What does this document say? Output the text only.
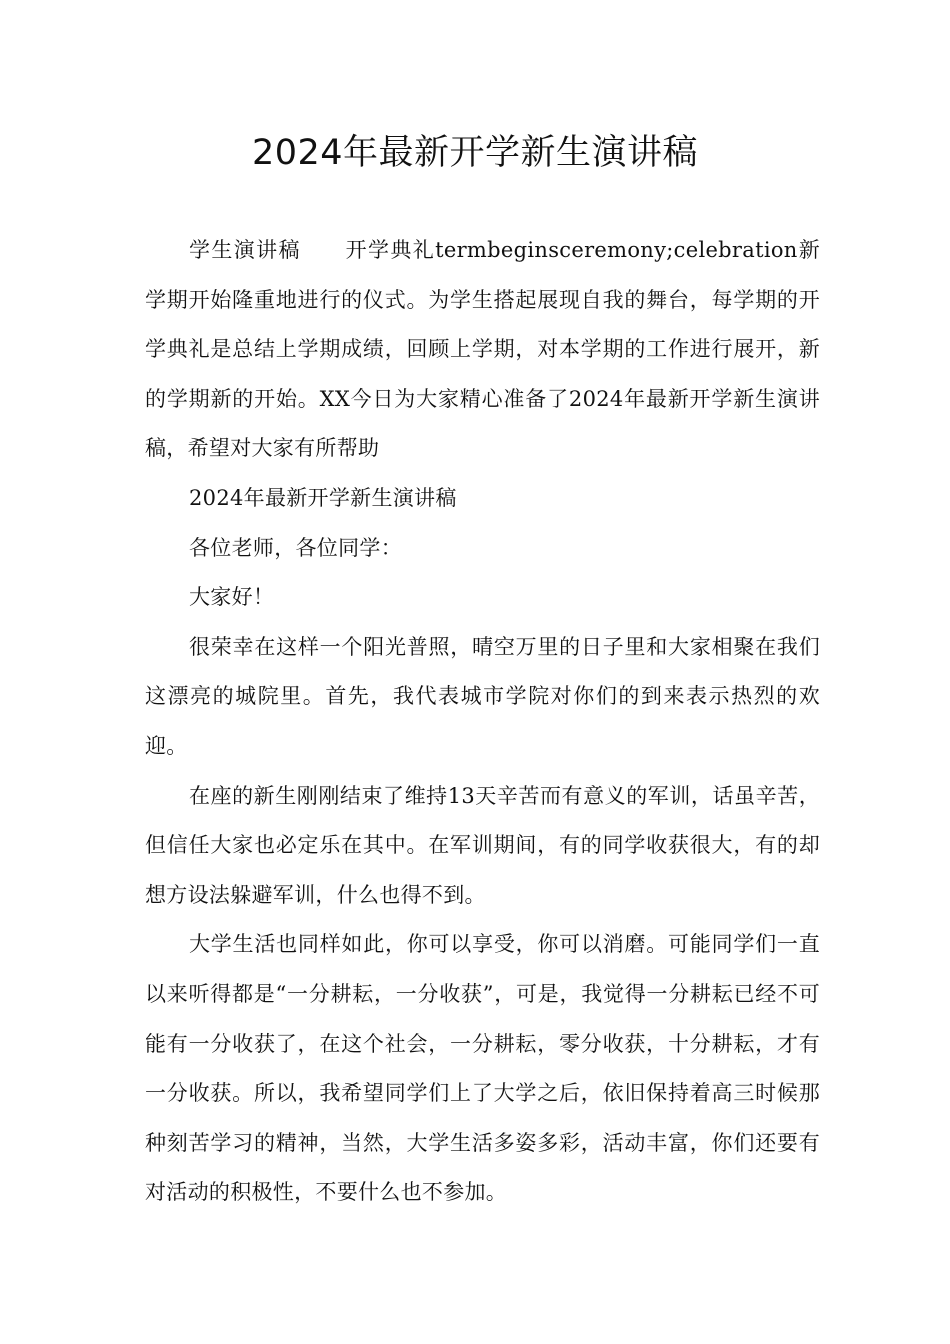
2024年最新开学新生演讲稿

学生演讲稿　　开学典礼termbeginsceremony;celebration新学期开始隆重地进行的仪式。为学生搭起展现自我的舞台，每学期的开学典礼是总结上学期成绩，回顾上学期，对本学期的工作进行展开，新的学期新的开始。XX今日为大家精心准备了2024年最新开学新生演讲稿，希望对大家有所帮助

2024年最新开学新生演讲稿

各位老师，各位同学：

大家好！

很荣幸在这样一个阳光普照，晴空万里的日子里和大家相聚在我们这漂亮的城院里。首先，我代表城市学院对你们的到来表示热烈的欢迎。

在座的新生刚刚结束了维持13天辛苦而有意义的军训，话虽辛苦，但信任大家也必定乐在其中。在军训期间，有的同学收获很大，有的却想方设法躲避军训，什么也得不到。

大学生活也同样如此，你可以享受，你可以消磨。可能同学们一直以来听得都是“一分耕耘，一分收获”，可是，我觉得一分耕耘已经不可能有一分收获了，在这个社会，一分耕耘，零分收获，十分耕耘，才有一分收获。所以，我希望同学们上了大学之后，依旧保持着高三时候那种刻苦学习的精神，当然，大学生活多姿多彩，活动丰富，你们还要有对活动的积极性，不要什么也不参加。
